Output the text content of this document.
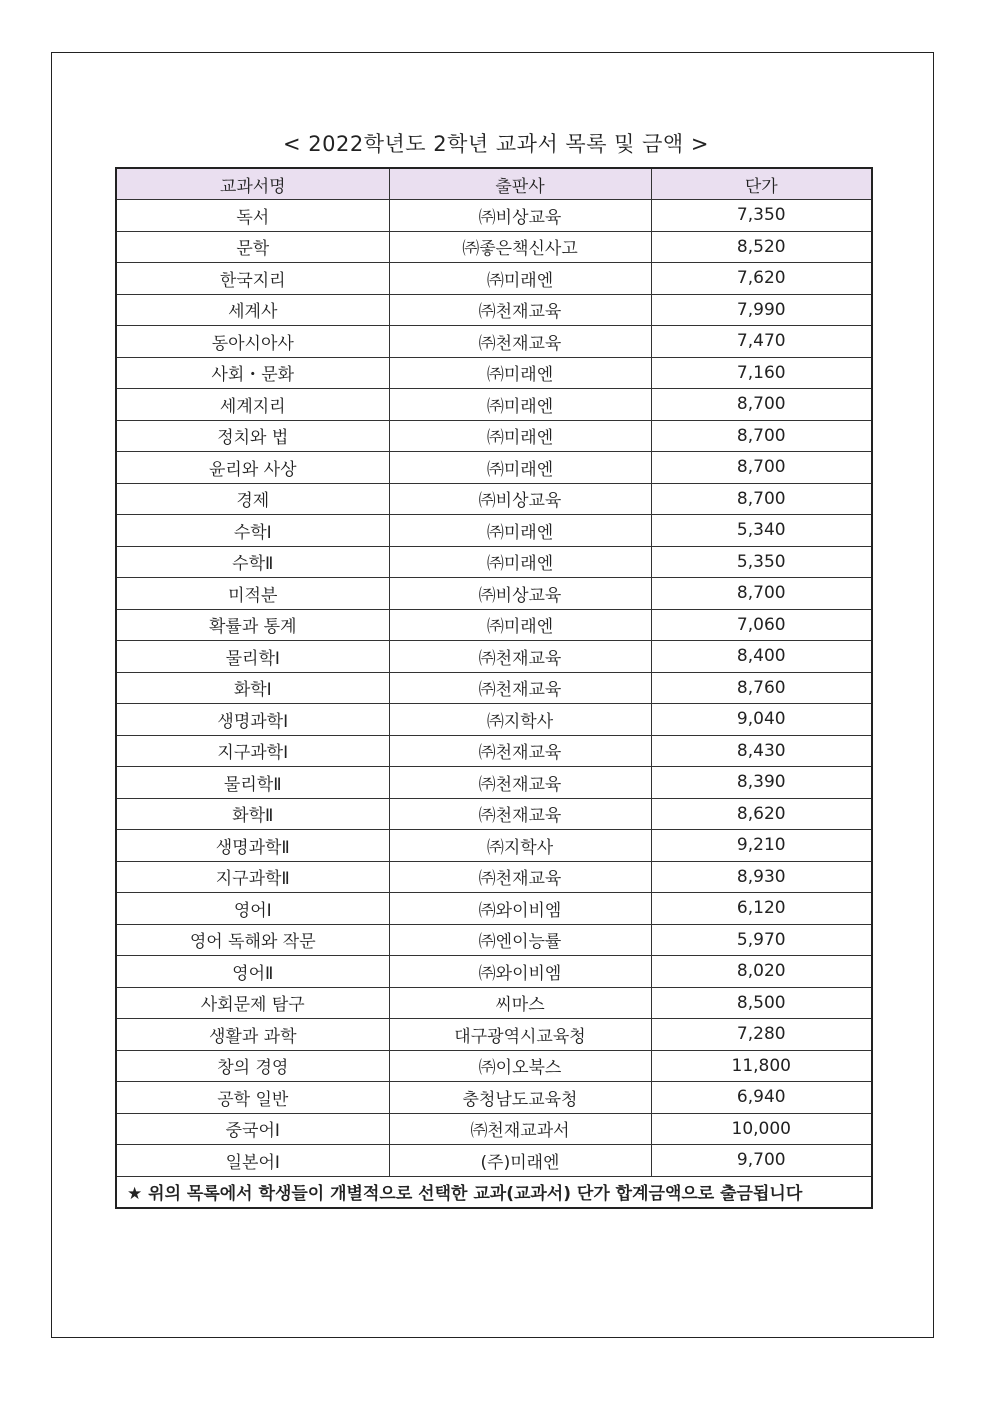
< 2022학년도 2학년 교과서 목록 및 금액 >
교과서명	출판사	단가
독서	㈜비상교육	7,350
문학	㈜좋은책신사고	8,520
한국지리	㈜미래엔	7,620
세계사	㈜천재교육	7,990
동아시아사	㈜천재교육	7,470
사회・문화	㈜미래엔	7,160
세계지리	㈜미래엔	8,700
정치와 법	㈜미래엔	8,700
윤리와 사상	㈜미래엔	8,700
경제	㈜비상교육	8,700
수학Ⅰ	㈜미래엔	5,340
수학Ⅱ	㈜미래엔	5,350
미적분	㈜비상교육	8,700
확률과 통계	㈜미래엔	7,060
물리학Ⅰ	㈜천재교육	8,400
화학Ⅰ	㈜천재교육	8,760
생명과학Ⅰ	㈜지학사	9,040
지구과학Ⅰ	㈜천재교육	8,430
물리학Ⅱ	㈜천재교육	8,390
화학Ⅱ	㈜천재교육	8,620
생명과학Ⅱ	㈜지학사	9,210
지구과학Ⅱ	㈜천재교육	8,930
영어Ⅰ	㈜와이비엠	6,120
영어 독해와 작문	㈜엔이능률	5,970
영어Ⅱ	㈜와이비엠	8,020
사회문제 탐구	씨마스	8,500
생활과 과학	대구광역시교육청	7,280
창의 경영	㈜이오북스	11,800
공학 일반	충청남도교육청	6,940
중국어Ⅰ	㈜천재교과서	10,000
일본어Ⅰ	(주)미래엔	9,700
★ 위의 목록에서 학생들이 개별적으로 선택한 교과(교과서) 단가 합계금액으로 출금됩니다		
